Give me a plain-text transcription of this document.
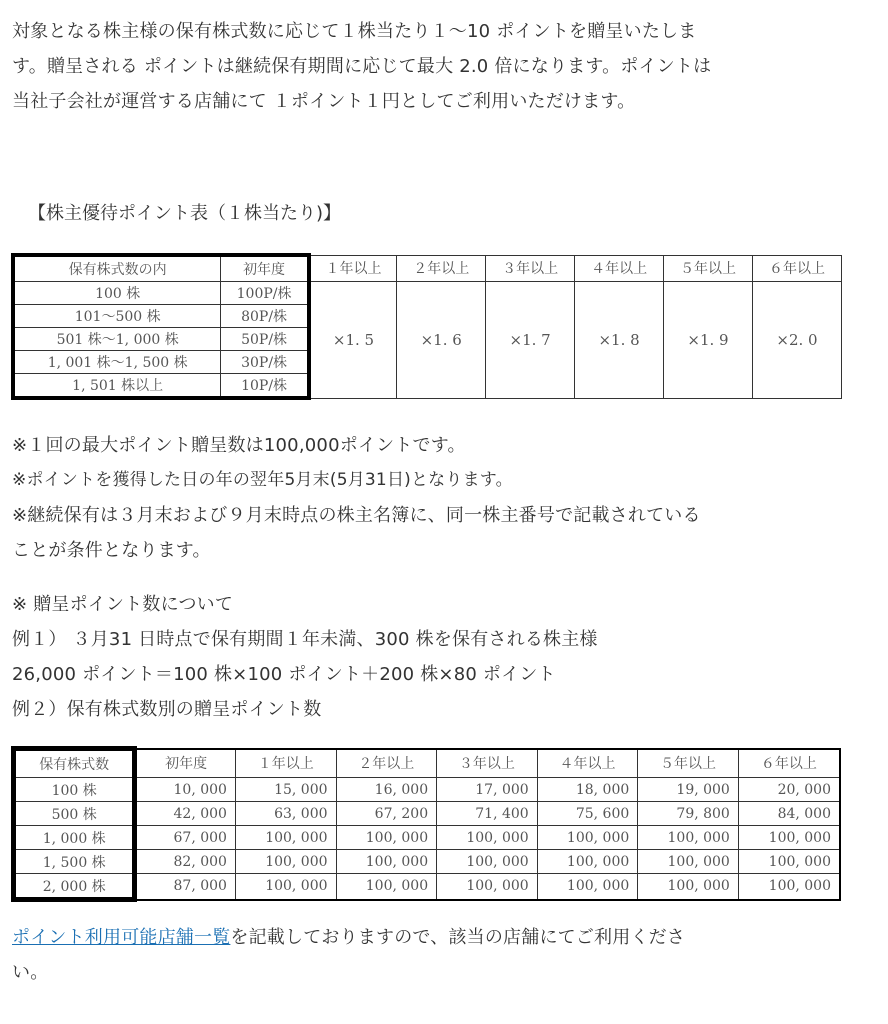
対象となる株主様の保有株式数に応じて１株当たり１～10 ポイントを贈呈いたしま

す。贈呈される ポイントは継続保有期間に応じて最大 2.0 倍になります。ポイントは

当社子会社が運営する店舗にて １ポイント１円としてご利用いただけます。

【株主優待ポイント表（１株当たり)】
保有株式数の内	初年度	１年以上	２年以上	３年以上	４年以上	５年以上	６年以上
100 株	100P/株	×1. 5	×1. 6	×1. 7	×1. 8	×1. 9	×2. 0
101～500 株	80P/株						
501 株～1, 000 株	50P/株						
1, 001 株～1, 500 株	30P/株						
1, 501 株以上	10P/株						

※１回の最大ポイント贈呈数は100,000ポイントです。

※ポイントを獲得した日の年の翌年5月末(5月31日)となります。

※継続保有は３月末および９月末時点の株主名簿に、同一株主番号で記載されている

ことが条件となります。

※ 贈呈ポイント数について

例１） ３月31 日時点で保有期間１年未満、300 株を保有される株主様

26,000 ポイント＝100 株×100 ポイント＋200 株×80 ポイント

例２）保有株式数別の贈呈ポイント数

保有株式数	初年度	１年以上	２年以上	３年以上	４年以上	５年以上	６年以上
100 株	10, 000	15, 000	16, 000	17, 000	18, 000	19, 000	20, 000
500 株	42, 000	63, 000	67, 200	71, 400	75, 600	79, 800	84, 000
1, 000 株	67, 000	100, 000	100, 000	100, 000	100, 000	100, 000	100, 000
1, 500 株	82, 000	100, 000	100, 000	100, 000	100, 000	100, 000	100, 000
2, 000 株	87, 000	100, 000	100, 000	100, 000	100, 000	100, 000	100, 000

ポイント利用可能店舗一覧を記載しておりますので、該当の店舗にてご利用くださ

い。
